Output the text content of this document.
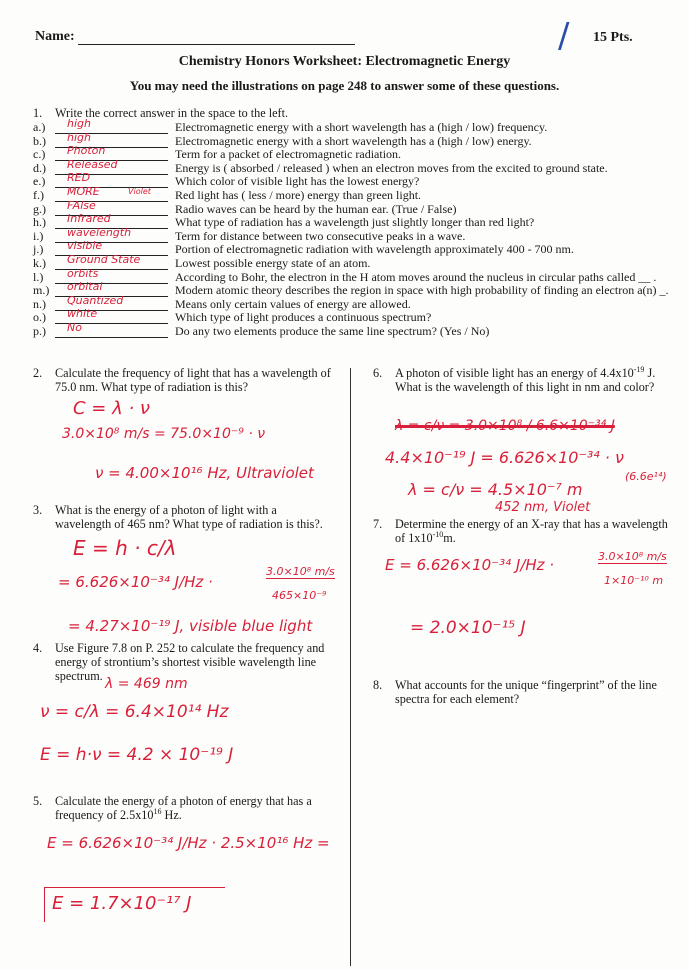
Name:	/ 15 Pts.
Chemistry Honors Worksheet: Electromagnetic Energy
You may need the illustrations on page 248 to answer some of these questions.
1. Write the correct answer in the space to the left.
a.) high	Electromagnetic energy with a short wavelength has a (high / low) frequency.
b.) high	Electromagnetic energy with a short wavelength has a (high / low) energy.
c.) Photon	Term for a packet of electromagnetic radiation.
d.) Released	Energy is ( absorbed / released ) when an electron moves from the excited to ground state.
e.) RED	Which color of visible light has the lowest energy?
f.) MORE	Red light has ( less / more) energy than green light.
g.) FAlse	Radio waves can be heard by the human ear. (True / False)
h.) Infrared	What type of radiation has a wavelength just slightly longer than red light?
i.) wavelength	Term for distance between two consecutive peaks in a wave.
j.) visible	Portion of electromagnetic radiation with wavelength approximately 400 - 700 nm.
k.) Ground State	Lowest possible energy state of an atom.
l.) orbits	According to Bohr, the electron in the H atom moves around the nucleus in circular paths called __ .
m.) orbital	Modern atomic theory describes the region in space with high probability of finding an electron a(n) _.
n.) Quantized	Means only certain values of energy are allowed.
o.) white	Which type of light produces a continuous spectrum?
p.) No	Do any two elements produce the same line spectrum? (Yes / No)
Violet
2. Calculate the frequency of light that has a wavelength of
75.0 nm. What type of radiation is this?
C = λ · ν
3.0×10⁸ m/s = 75.0×10⁻⁹ · ν
ν = 4.00×10¹⁶ Hz, Ultraviolet
3. What is the energy of a photon of light with a
wavelength of 465 nm? What type of radiation is this?.
E = h · c/λ
= 6.626×10⁻³⁴ J/Hz ·
3.0×10⁸ m/s
465×10⁻⁹
= 4.27×10⁻¹⁹ J, visible blue light
4. Use Figure 7.8 on P. 252 to calculate the frequency and
energy of strontium’s shortest visible wavelength line
spectrum. λ = 469 nm
ν = c/λ = 6.4×10¹⁴ Hz
E = h·ν = 4.2 × 10⁻¹⁹ J
5. Calculate the energy of a photon of energy that has a
frequency of $2.5x10^{16}$ Hz.
E = 6.626×10⁻³⁴ J/Hz · 2.5×10¹⁶ Hz =
E = 1.7×10⁻¹⁷ J
6. A photon of visible light has an energy of $4.4x10^{-19}$ J.
What is the wavelength of this light in nm and color?
λ = c/ν = 3.0×10⁸ / 6.6×10⁻³⁴ J
4.4×10⁻¹⁹ J = 6.626×10⁻³⁴ · ν
(6.6e¹⁴)
λ = c/ν = 4.5×10⁻⁷ m
452 nm, Violet
7. Determine the energy of an X-ray that has a wavelength
of $1x10^{-10}m$.
E = 6.626×10⁻³⁴ J/Hz ·	3.0×10⁸ m/s
1×10⁻¹⁰ m
= 2.0×10⁻¹⁵ J
8. What accounts for the unique “fingerprint” of the line
spectra for each element?
